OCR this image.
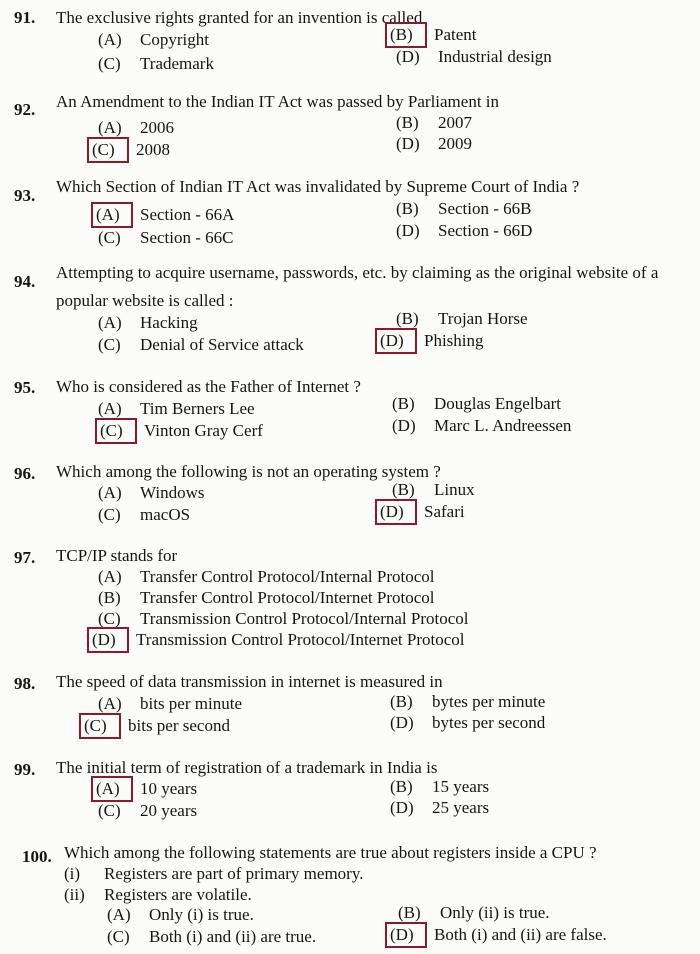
91. The exclusive rights granted for an invention is called
(A) Copyright	(B) Patent
(C) Trademark	(D) Industrial design
92. An Amendment to the Indian IT Act was passed by Parliament in
(A) 2006	(B) 2007
(C) 2008	(D) 2009
93. Which Section of Indian IT Act was invalidated by Supreme Court of India ?
(A) Section - 66A	(B) Section - 66B
(C) Section - 66C	(D) Section - 66D
94. Attempting to acquire username, passwords, etc. by claiming as the original website of a
popular website is called :
(A) Hacking	(B) Trojan Horse
(C) Denial of Service attack	(D) Phishing
95. Who is considered as the Father of Internet ?
(A) Tim Berners Lee	(B) Douglas Engelbart
(C) Vinton Gray Cerf	(D) Marc L. Andreessen
96. Which among the following is not an operating system ?
(A) Windows	(B) Linux
(C) macOS	(D) Safari
97. TCP/IP stands for
(A) Transfer Control Protocol/Internal Protocol
(B) Transfer Control Protocol/Internet Protocol
(C) Transmission Control Protocol/Internal Protocol
(D) Transmission Control Protocol/Internet Protocol
98. The speed of data transmission in internet is measured in
(A) bits per minute	(B) bytes per minute
(C) bits per second	(D) bytes per second
99. The initial term of registration of a trademark in India is
(A) 10 years	(B) 15 years
(C) 20 years	(D) 25 years
100. Which among the following statements are true about registers inside a CPU ?
(i) Registers are part of primary memory.
(ii) Registers are volatile.
(A) Only (i) is true.	(B) Only (ii) is true.
(C) Both (i) and (ii) are true.	(D) Both (i) and (ii) are false.
